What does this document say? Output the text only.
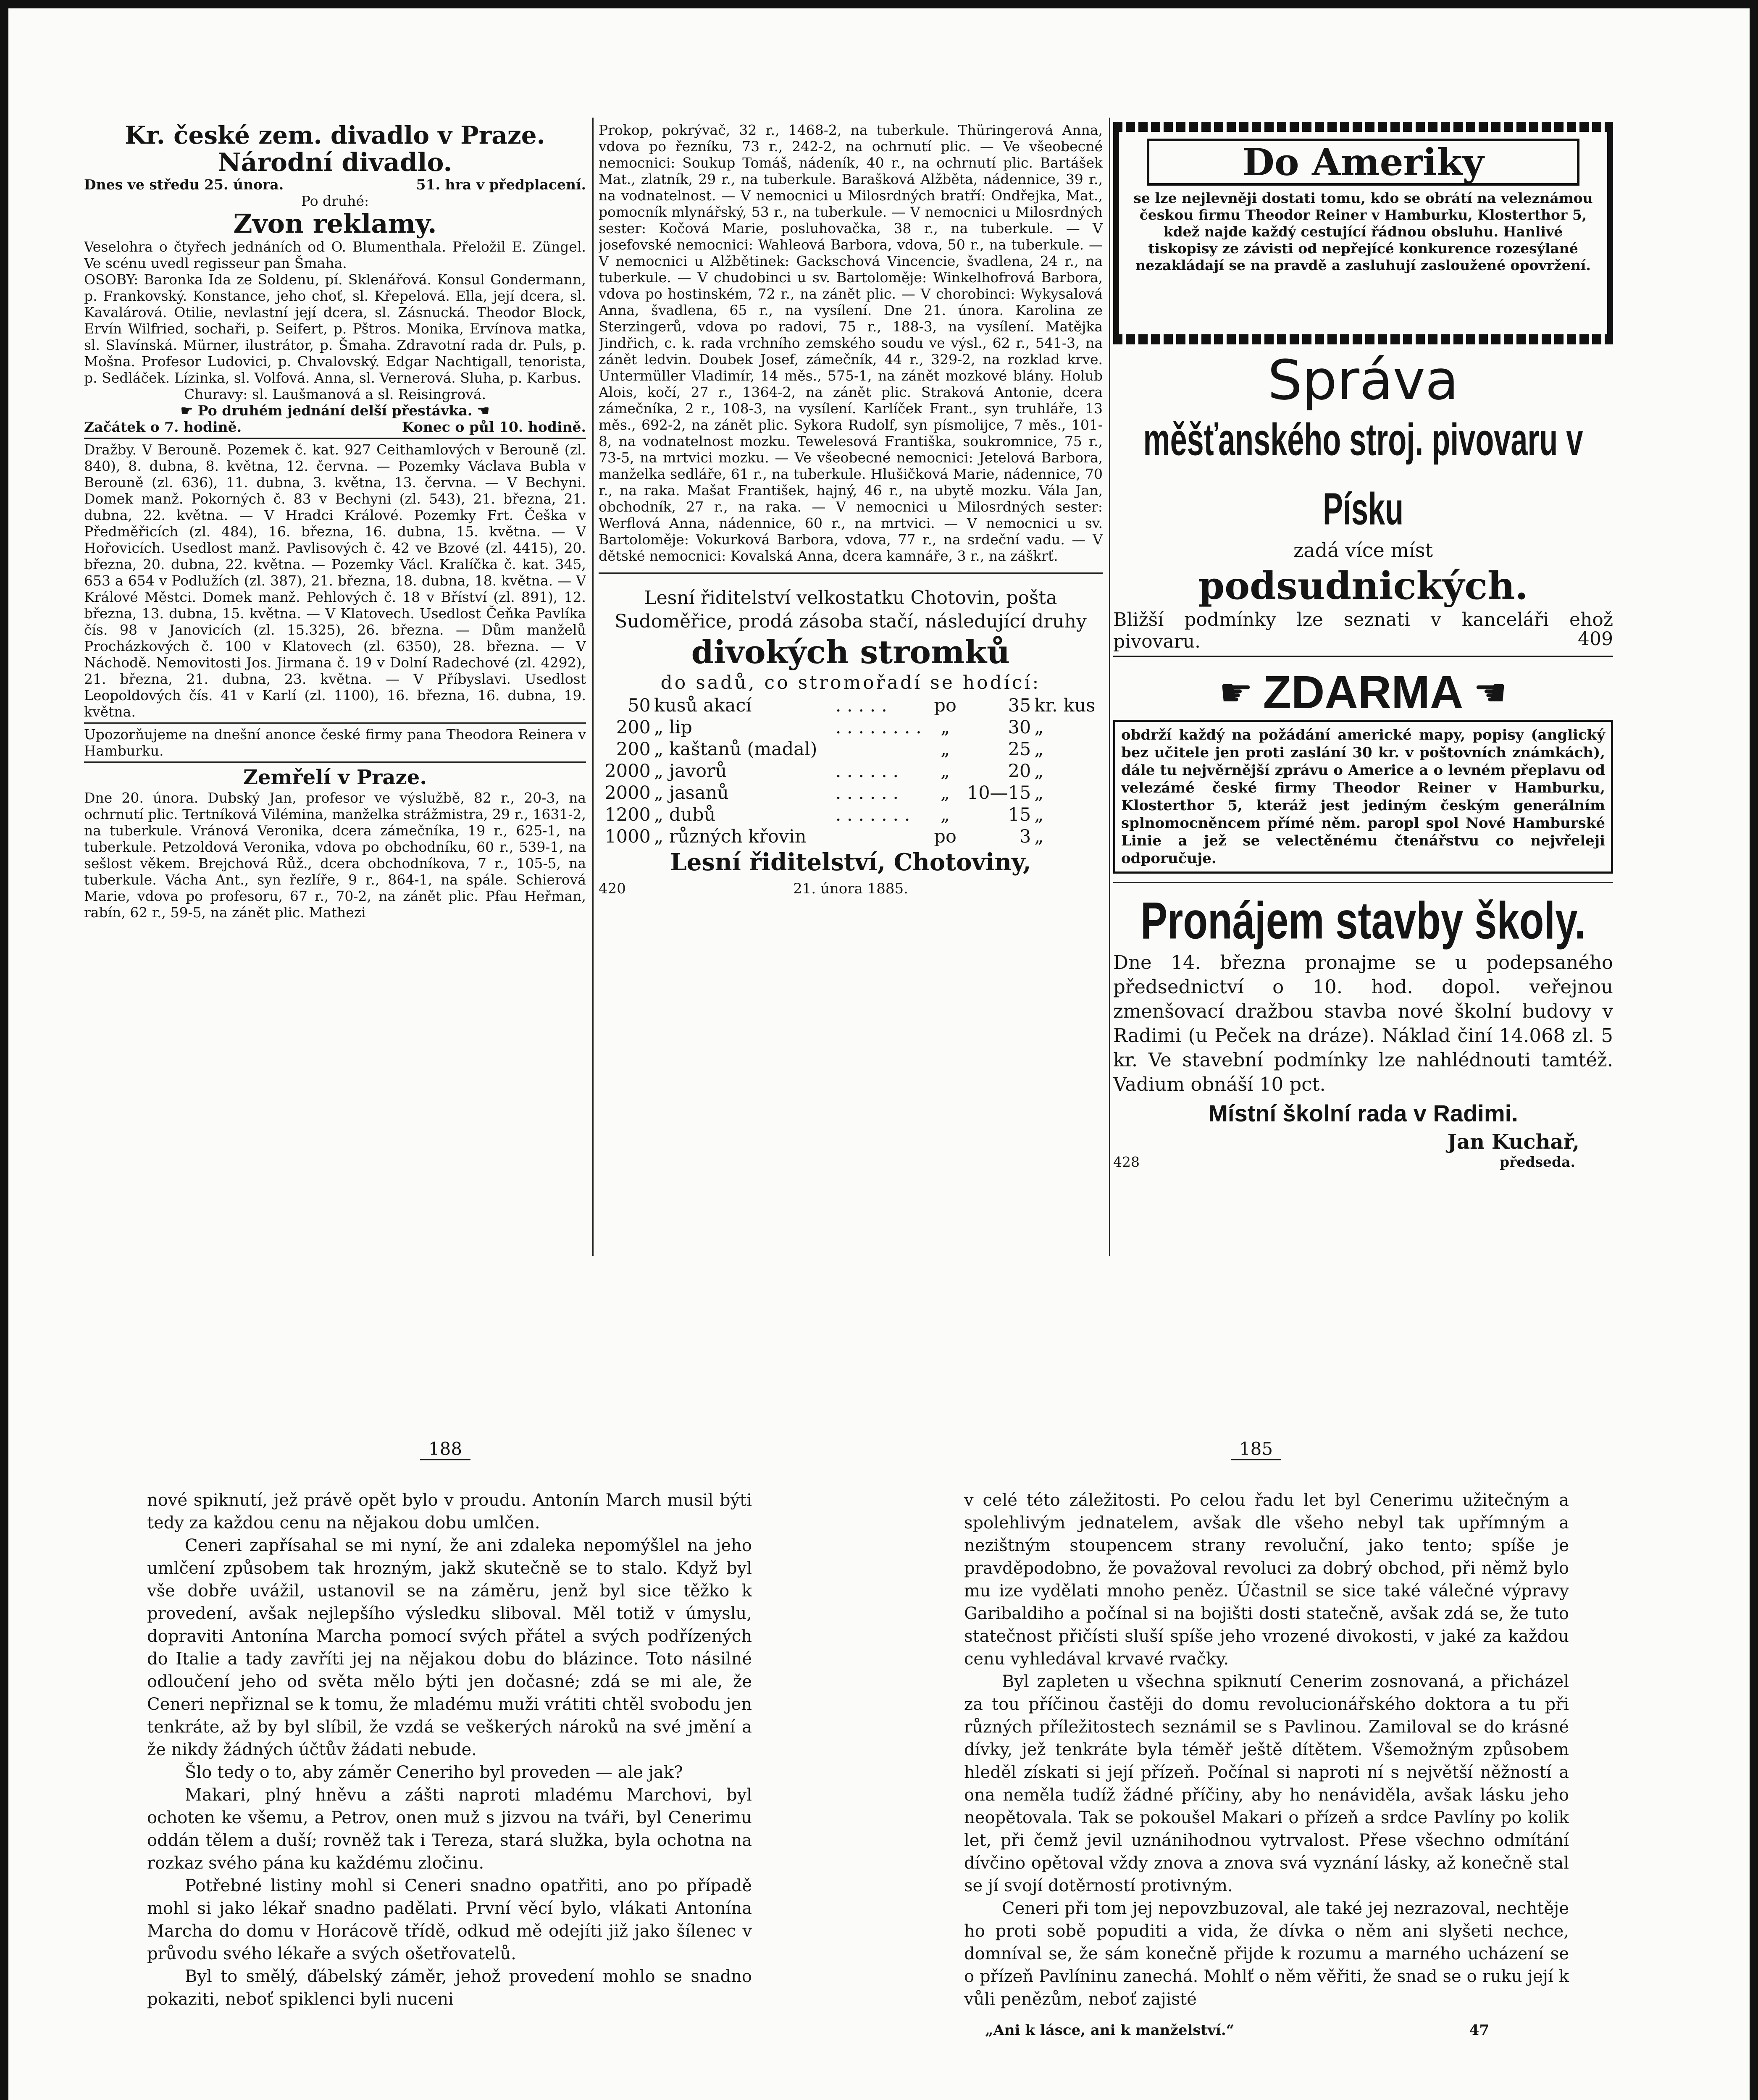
Kr. české zem. divadlo v Praze.
Národní divadlo.
Dnes ve středu 25. února.	51. hra v předplacení.
Po druhé:
Zvon reklamy.

Veselohra o čtyřech jednáních od O. Blumenthala. Přeložil E. Züngel. Ve scénu uvedl regisseur pan Šmaha.

OSOBY: Baronka Ida ze Soldenu, pí. Sklenářová. Konsul Gondermann, p. Frankovský. Konstance, jeho choť, sl. Křepelová. Ella, její dcera, sl. Kavalárová. Otilie, nevlastní její dcera, sl. Zásnucká. Theodor Block, Ervín Wilfried, sochaři, p. Seifert, p. Pštros. Monika, Ervínova matka, sl. Slavínská. Mürner, ilustrátor, p. Šmaha. Zdravotní rada dr. Puls, p. Mošna. Profesor Ludovici, p. Chvalovský. Edgar Nachtigall, tenorista, p. Sedláček. Lízinka, sl. Volfová. Anna, sl. Vernerová. Sluha, p. Karbus.

Churavy: sl. Laušmanová a sl. Reisingrová.

☛ Po druhém jednání delší přestávka. ☚

Začátek o 7. hodině.	Konec o půl 10. hodině.

Dražby. V Berouně. Pozemek č. kat. 927 Ceithamlových v Berouně (zl. 840), 8. dubna, 8. května, 12. června. — Pozemky Václava Bubla v Berouně (zl. 636), 11. dubna, 3. května, 13. června. — V Bechyni. Domek manž. Pokorných č. 83 v Bechyni (zl. 543), 21. března, 21. dubna, 22. května. — V Hradci Králové. Pozemky Frt. Češka v Předměřicích (zl. 484), 16. března, 16. dubna, 15. května. — V Hořovicích. Usedlost manž. Pavlisových č. 42 ve Bzové (zl. 4415), 20. března, 20. dubna, 22. května. — Pozemky Václ. Kralíčka č. kat. 345, 653 a 654 v Podlužích (zl. 387), 21. března, 18. dubna, 18. května. — V Králové Městci. Domek manž. Pehlových č. 18 v Bříství (zl. 891), 12. března, 13. dubna, 15. května. — V Klatovech. Usedlost Čeňka Pavlíka čís. 98 v Janovicích (zl. 15.325), 26. března. — Dům manželů Procházkových č. 100 v Klatovech (zl. 6350), 28. března. — V Náchodě. Nemovitosti Jos. Jirmana č. 19 v Dolní Radechové (zl. 4292), 21. března, 21. dubna, 23. května. — V Příbyslavi. Usedlost Leopoldových čís. 41 v Karlí (zl. 1100), 16. března, 16. dubna, 19. května.

Upozorňujeme na dnešní anonce české firmy pana Theodora Reinera v Hamburku.

Zemřelí v Praze.

Dne 20. února. Dubský Jan, profesor ve výslužbě, 82 r., 20-3, na ochrnutí plic. Tertníková Vilémina, manželka strážmistra, 29 r., 1631-2, na tuberkule. Vránová Veronika, dcera zámečníka, 19 r., 625-1, na tuberkule. Petzoldová Veronika, vdova po obchodníku, 60 r., 539-1, na sešlost věkem. Brejchová Růž., dcera obchodníkova, 7 r., 105-5, na tuberkule. Vácha Ant., syn řezlíře, 9 r., 864-1, na spále. Schierová Marie, vdova po profesoru, 67 r., 70-2, na zánět plic. Pfau Heřman, rabín, 62 r., 59-5, na zánět plic. Mathezi

Prokop, pokrývač, 32 r., 1468-2, na tuberkule. Thüringerová Anna, vdova po řezníku, 73 r., 242-2, na ochrnutí plic. — Ve všeobecné nemocnici: Soukup Tomáš, nádeník, 40 r., na ochrnutí plic. Bartášek Mat., zlatník, 29 r., na tuberkule. Barašková Alžběta, nádennice, 39 r., na vodnatelnost. — V nemocnici u Milosrdných bratří: Ondřejka, Mat., pomocník mlynářský, 53 r., na tuberkule. — V nemocnici u Milosrdných sester: Kočová Marie, posluhovačka, 38 r., na tuberkule. — V josefovské nemocnici: Wahleová Barbora, vdova, 50 r., na tuberkule. — V nemocnici u Alžbětinek: Gackschová Vincencie, švadlena, 24 r., na tuberkule. — V chudobinci u sv. Bartoloměje: Winkelhofrová Barbora, vdova po hostinském, 72 r., na zánět plic. — V chorobinci: Wykysalová Anna, švadlena, 65 r., na vysílení. Dne 21. února. Karolina ze Sterzingerů, vdova po radovi, 75 r., 188-3, na vysílení. Matějka Jindřich, c. k. rada vrchního zemského soudu ve výsl., 62 r., 541-3, na zánět ledvin. Doubek Josef, zámečník, 44 r., 329-2, na rozklad krve. Untermüller Vladimír, 14 měs., 575-1, na zánět mozkové blány. Holub Alois, kočí, 27 r., 1364-2, na zánět plic. Straková Antonie, dcera zámečníka, 2 r., 108-3, na vysílení. Karlíček Frant., syn truhláře, 13 měs., 692-2, na zánět plic. Sykora Rudolf, syn písmolijce, 7 měs., 101-8, na vodnatelnost mozku. Tewelesová Františka, soukromnice, 75 r., 73-5, na mrtvici mozku. — Ve všeobecné nemocnici: Jetelová Barbora, manželka sedláře, 61 r., na tuberkule. Hlušičková Marie, nádennice, 70 r., na raka. Mašat František, hajný, 46 r., na ubytě mozku. Vála Jan, obchodník, 27 r., na raka. — V nemocnici u Milosrdných sester: Werflová Anna, nádennice, 60 r., na mrtvici. — V nemocnici u sv. Bartoloměje: Vokurková Barbora, vdova, 77 r., na srdeční vadu. — V dětské nemocnici: Kovalská Anna, dcera kamnáře, 3 r., na záškrť.

Lesní řiditelství velkostatku Chotovin, pošta Sudoměřice, prodá zásoba stačí, následující druhy

divokých stromků
do sadů, co stromořadí se hodící:
50	kusů akací	. . . . .	po	35	kr. kus
200	„ lip	. . . . . . . .	„	30	„
200	„ kaštanů (madal)		„	25	„
2000	„ javorů	. . . . . .	„	20	„
2000	„ jasanů	. . . . . .	„	10—15	„
1200	„ dubů	. . . . . . .	„	15	„
1000	„ různých křovin		po	3	„
Lesní řiditelství, Chotoviny,
420	21. února 1885.
Do Ameriky

se lze nejlevněji dostati tomu, kdo se obrátí na veleznámou českou firmu Theodor Reiner v Hamburku, Klosterthor 5, kdež najde každý cestující řádnou obsluhu. Hanlivé tiskopisy ze závisti od nepřejícé konkurence rozesýlané nezakládají se na pravdě a zasluhují zasloužené opovržení.

Správa
měšťanského stroj. pivovaru v Písku
zadá více míst
podsudnických.

Bližší podmínky lze seznati v kanceláři ehož pivovaru.	409
☛ ZDARMA ☚

obdrží každý na požádání americké mapy, popisy (anglický bez učitele jen proti zaslání 30 kr. v poštovních známkách), dále tu nejvěrnější zprávu o Americe a o levném přeplavu od velezámé české firmy Theodor Reiner v Hamburku, Klosterthor 5, kteráž jest jediným českým generálním splnomocněncem přímé něm. paropl spol Nové Hamburské Linie a jež se velectěnému čtenářstvu co nejvřeleji odporučuje.

Pronájem stavby školy.

Dne 14. března pronajme se u podepsaného předsednictví o 10. hod. dopol. veřejnou zmenšovací dražbou stavba nové školní budovy v Radimi (u Peček na dráze). Náklad činí 14.068 zl. 5 kr. Ve stavební podmínky lze nahlédnouti tamtéž. Vadium obnáší 10 pct.

Místní školní rada v Radimi.
Jan Kuchař,
428	předseda.
188

nové spiknutí, jež právě opět bylo v proudu. Antonín March musil býti tedy za každou cenu na nějakou dobu umlčen.

Ceneri zapřísahal se mi nyní, že ani zdaleka nepomýšlel na jeho umlčení způsobem tak hrozným, jakž skutečně se to stalo. Když byl vše dobře uvážil, ustanovil se na záměru, jenž byl sice těžko k provedení, avšak nejlepšího výsledku sliboval. Měl totiž v úmyslu, dopraviti Antonína Marcha pomocí svých přátel a svých podřízených do Italie a tady zavříti jej na nějakou dobu do blázince. Toto násilné odloučení jeho od světa mělo býti jen dočasné; zdá se mi ale, že Ceneri nepřiznal se k tomu, že mladému muži vrátiti chtěl svobodu jen tenkráte, až by byl slíbil, že vzdá se veškerých nároků na své jmění a že nikdy žádných účtův žádati nebude.

Šlo tedy o to, aby záměr Ceneriho byl proveden — ale jak?

Makari, plný hněvu a zášti naproti mladému Marchovi, byl ochoten ke všemu, a Petrov, onen muž s jizvou na tváři, byl Cenerimu oddán tělem a duší; rovněž tak i Tereza, stará služka, byla ochotna na rozkaz svého pána ku každému zločinu.

Potřebné listiny mohl si Ceneri snadno opatřiti, ano po případě mohl si jako lékař snadno padělati. První věcí bylo, vlákati Antonína Marcha do domu v Horácově třídě, odkud mě odejíti již jako šílenec v průvodu svého lékaře a svých ošetřovatelů.

Byl to smělý, ďábelský záměr, jehož provedení mohlo se snadno pokaziti, neboť spiklenci byli nuceni

185

v celé této záležitosti. Po celou řadu let byl Cenerimu užitečným a spolehlivým jednatelem, avšak dle všeho nebyl tak upřímným a nezištným stoupencem strany revoluční, jako tento; spíše je pravděpodobno, že považoval revoluci za dobrý obchod, při němž bylo mu ize vydělati mnoho peněz. Účastnil se sice také válečné výpravy Garibaldiho a počínal si na bojišti dosti statečně, avšak zdá se, že tuto statečnost přičísti sluší spíše jeho vrozené divokosti, v jaké za každou cenu vyhledával krvavé rvačky.

Byl zapleten u všechna spiknutí Cenerim zosnovaná, a přicházel za tou příčinou častěji do domu revolucionářského doktora a tu při různých příležitostech seznámil se s Pavlinou. Zamiloval se do krásné dívky, jež tenkráte byla téměř ještě dítětem. Všemožným způsobem hleděl získati si její přízeň. Počínal si naproti ní s největší něžností a ona neměla tudíž žádné příčiny, aby ho nenáviděla, avšak lásku jeho neopětovala. Tak se pokoušel Makari o přízeň a srdce Pavlíny po kolik let, při čemž jevil uznánihodnou vytrvalost. Přese všechno odmítání dívčino opětoval vždy znova a znova svá vyznání lásky, až konečně stal se jí svojí dotěrností protivným.

Ceneri při tom jej nepovzbuzoval, ale také jej nezrazoval, nechtěje ho proti sobě popuditi a vida, že dívka o něm ani slyšeti nechce, domníval se, že sám konečně přijde k rozumu a marného ucházení se o přízeň Pavlíninu zanechá. Mohlť o něm věřiti, že snad se o ruku její k vůli penězům, neboť zajisté

„Ani k lásce, ani k manželství.“	47
